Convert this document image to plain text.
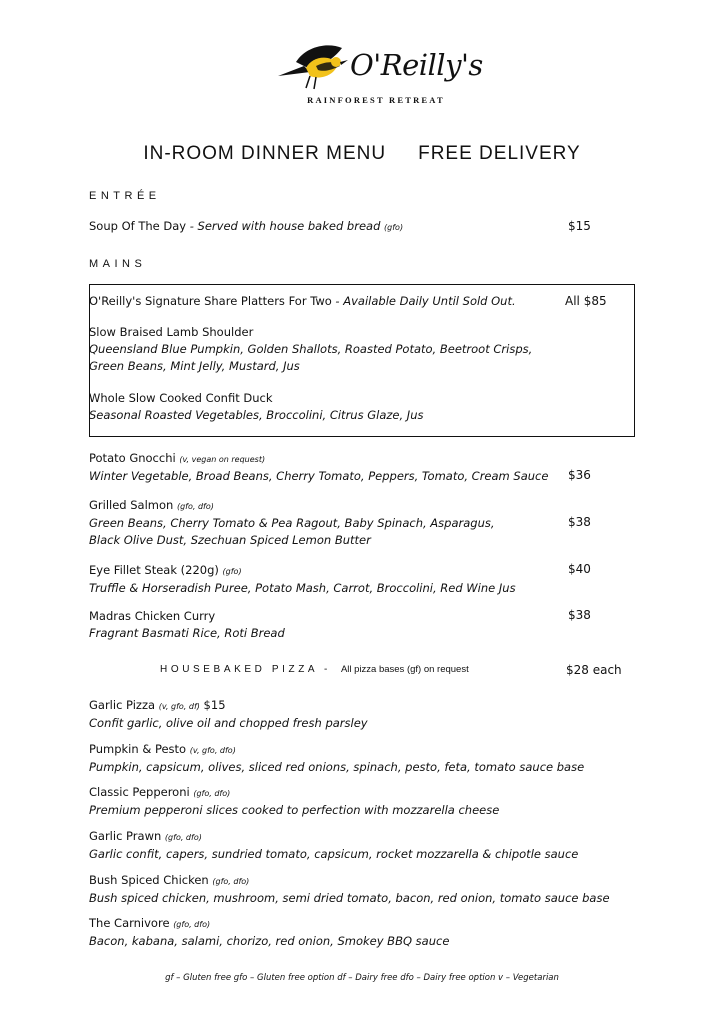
O'Reilly's
RAINFOREST RETREAT
IN-ROOM DINNER MENU FREE DELIVERY
ENTRÉE
Soup Of The Day - Served with house baked bread (gfo)	$15
MAINS
O'Reilly's Signature Share Platters For Two - Available Daily Until Sold Out.	All $85
Slow Braised Lamb Shoulder
Queensland Blue Pumpkin, Golden Shallots, Roasted Potato, Beetroot Crisps,
Green Beans, Mint Jelly, Mustard, Jus
Whole Slow Cooked Confit Duck
Seasonal Roasted Vegetables, Broccolini, Citrus Glaze, Jus
Potato Gnocchi (v, vegan on request)
Winter Vegetable, Broad Beans, Cherry Tomato, Peppers, Tomato, Cream Sauce $36
Grilled Salmon (gfo, dfo)
Green Beans, Cherry Tomato & Pea Ragout, Baby Spinach, Asparagus,
Black Olive Dust, Szechuan Spiced Lemon Butter
$38
Eye Fillet Steak (220g) (gfo)
Truffle & Horseradish Puree, Potato Mash, Carrot, Broccolini, Red Wine Jus
$40
Madras Chicken Curry
Fragrant Basmati Rice, Roti Bread
$38
HOUSEBAKED PIZZA - All pizza bases (gf) on request	$28 each
Garlic Pizza (v, gfo, df) $15
Confit garlic, olive oil and chopped fresh parsley
Pumpkin & Pesto (v, gfo, dfo)
Pumpkin, capsicum, olives, sliced red onions, spinach, pesto, feta, tomato sauce base
Classic Pepperoni (gfo, dfo)
Premium pepperoni slices cooked to perfection with mozzarella cheese
Garlic Prawn (gfo, dfo)
Garlic confit, capers, sundried tomato, capsicum, rocket mozzarella & chipotle sauce
Bush Spiced Chicken (gfo, dfo)
Bush spiced chicken, mushroom, semi dried tomato, bacon, red onion, tomato sauce base
The Carnivore (gfo, dfo)
Bacon, kabana, salami, chorizo, red onion, Smokey BBQ sauce
gf – Gluten free gfo – Gluten free option df – Dairy free dfo – Dairy free option v – Vegetarian
